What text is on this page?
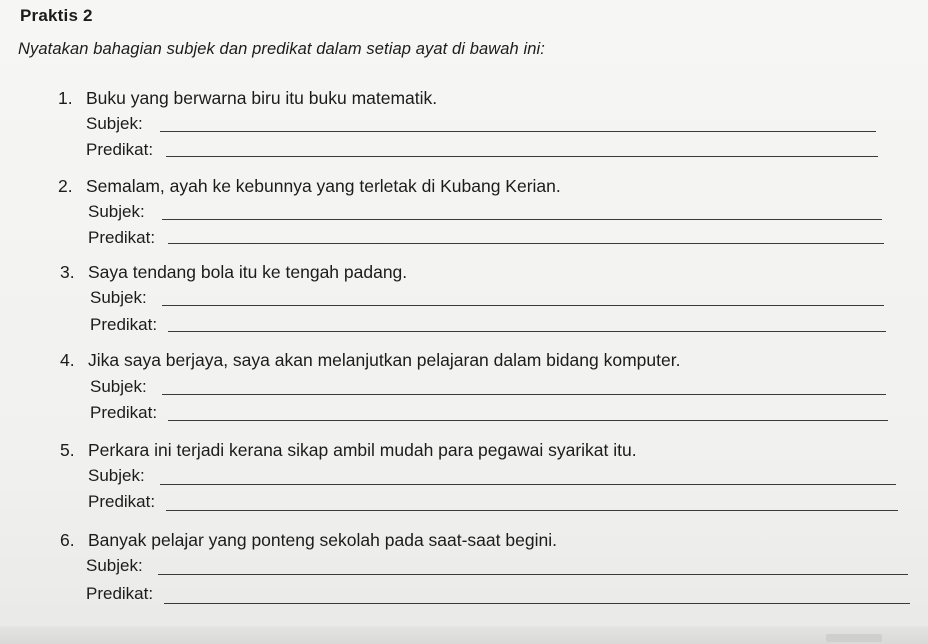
Praktis 2
Nyatakan bahagian subjek dan predikat dalam setiap ayat di bawah ini:
1. Buku yang berwarna biru itu buku matematik.
Subjek:
Predikat:
2. Semalam, ayah ke kebunnya yang terletak di Kubang Kerian.
Subjek:
Predikat:
3. Saya tendang bola itu ke tengah padang.
Subjek:
Predikat:
4. Jika saya berjaya, saya akan melanjutkan pelajaran dalam bidang komputer.
Subjek:
Predikat:
5. Perkara ini terjadi kerana sikap ambil mudah para pegawai syarikat itu.
Subjek:
Predikat:
6. Banyak pelajar yang ponteng sekolah pada saat-saat begini.
Subjek:
Predikat:
